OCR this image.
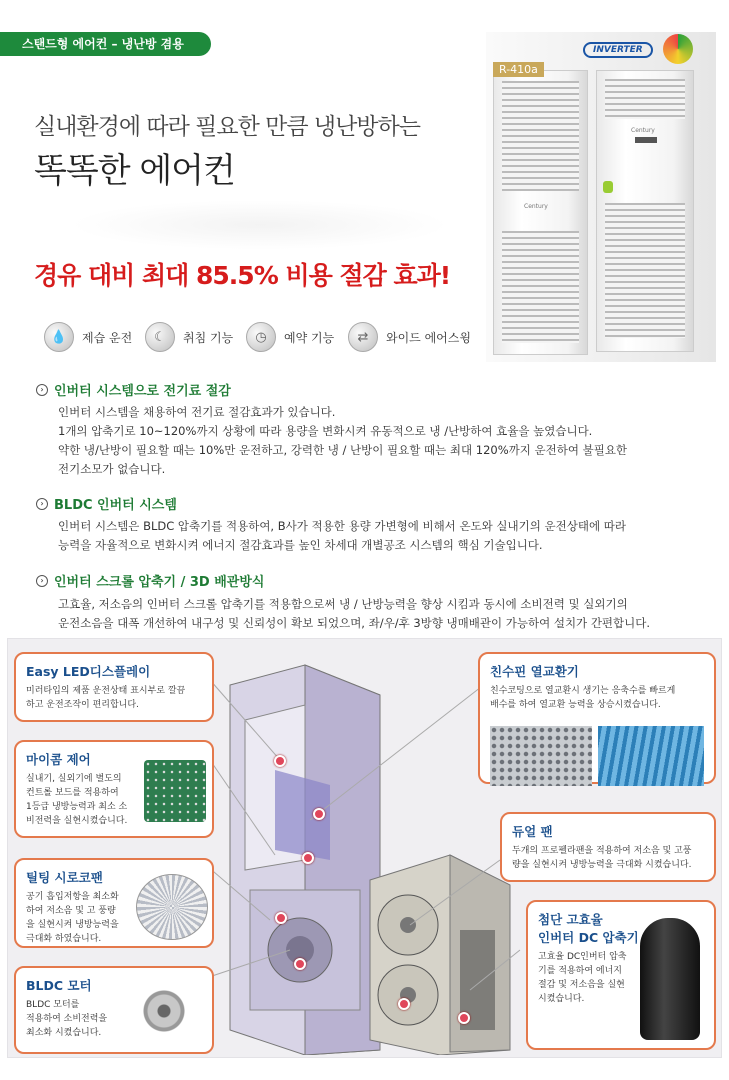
스탠드형 에어컨 – 냉난방 겸용
실내환경에 따라 필요한 만큼 냉난방하는
똑똑한 에어컨
경유 대비 최대 85.5% 비용 절감 효과!
💧	제습 운전	☾	취침 기능	◷	예약 기능	⇄	와이드 에어스윙
Century
Century
R-410a
INVERTER
› 인버터 시스템으로 전기료 절감
인버터 시스템을 채용하여 전기료 절감효과가 있습니다.
1개의 압축기로 10~120%까지 상황에 따라 용량을 변화시켜 유동적으로 냉 /난방하여 효율을 높였습니다.
약한 냉/난방이 필요할 때는 10%만 운전하고, 강력한 냉 / 난방이 필요할 때는 최대 120%까지 운전하여 불필요한
전기소모가 없습니다.
› BLDC 인버터 시스템
인버터 시스템은 BLDC 압축기를 적용하여, B사가 적용한 용량 가변형에 비해서 온도와 실내기의 운전상태에 따라
능력을 자율적으로 변화시켜 에너지 절감효과를 높인 차세대 개별공조 시스템의 핵심 기술입니다.
› 인버터 스크롤 압축기 / 3D 배관방식
고효율, 저소음의 인버터 스크롤 압축기를 적용함으로써 냉 / 난방능력을 향상 시킴과 동시에 소비전력 및 실외기의
운전소음을 대폭 개선하여 내구성 및 신뢰성이 확보 되었으며, 좌/우/후 3방향 냉매배관이 가능하여 설치가 간편합니다.
Easy LED디스플레이
미러타입의 제품 운전상태 표시부로 깔끔
하고 운전조작이 편리합니다.
마이콤 제어
실내기, 실외기에 별도의
컨트롤 보드를 적용하여
1등급 냉방능력과 최소 소
비전력을 실현시켰습니다.
틸팅 시로코팬
공기 흡입저항을 최소화
하여 저소음 및 고 풍량
을 실현시켜 냉방능력을
극대화 하였습니다.
BLDC 모터
BLDC 모터를
적용하여 소비전력을
최소화 시켰습니다.
친수핀 열교환기
친수코팅으로 열교환시 생기는 응축수를 빠르게
배수를 하여 열교환 능력을 상승시켰습니다.
듀얼 팬
두개의 프로펠라팬을 적용하여 저소음 및 고풍
량을 실현시켜 냉방능력을 극대화 시켰습니다.
첨단 고효율
인버터 DC 압축기
고효율 DC인버터 압축
기를 적용하여 에너지
절감 및 저소음을 실현
시켰습니다.
